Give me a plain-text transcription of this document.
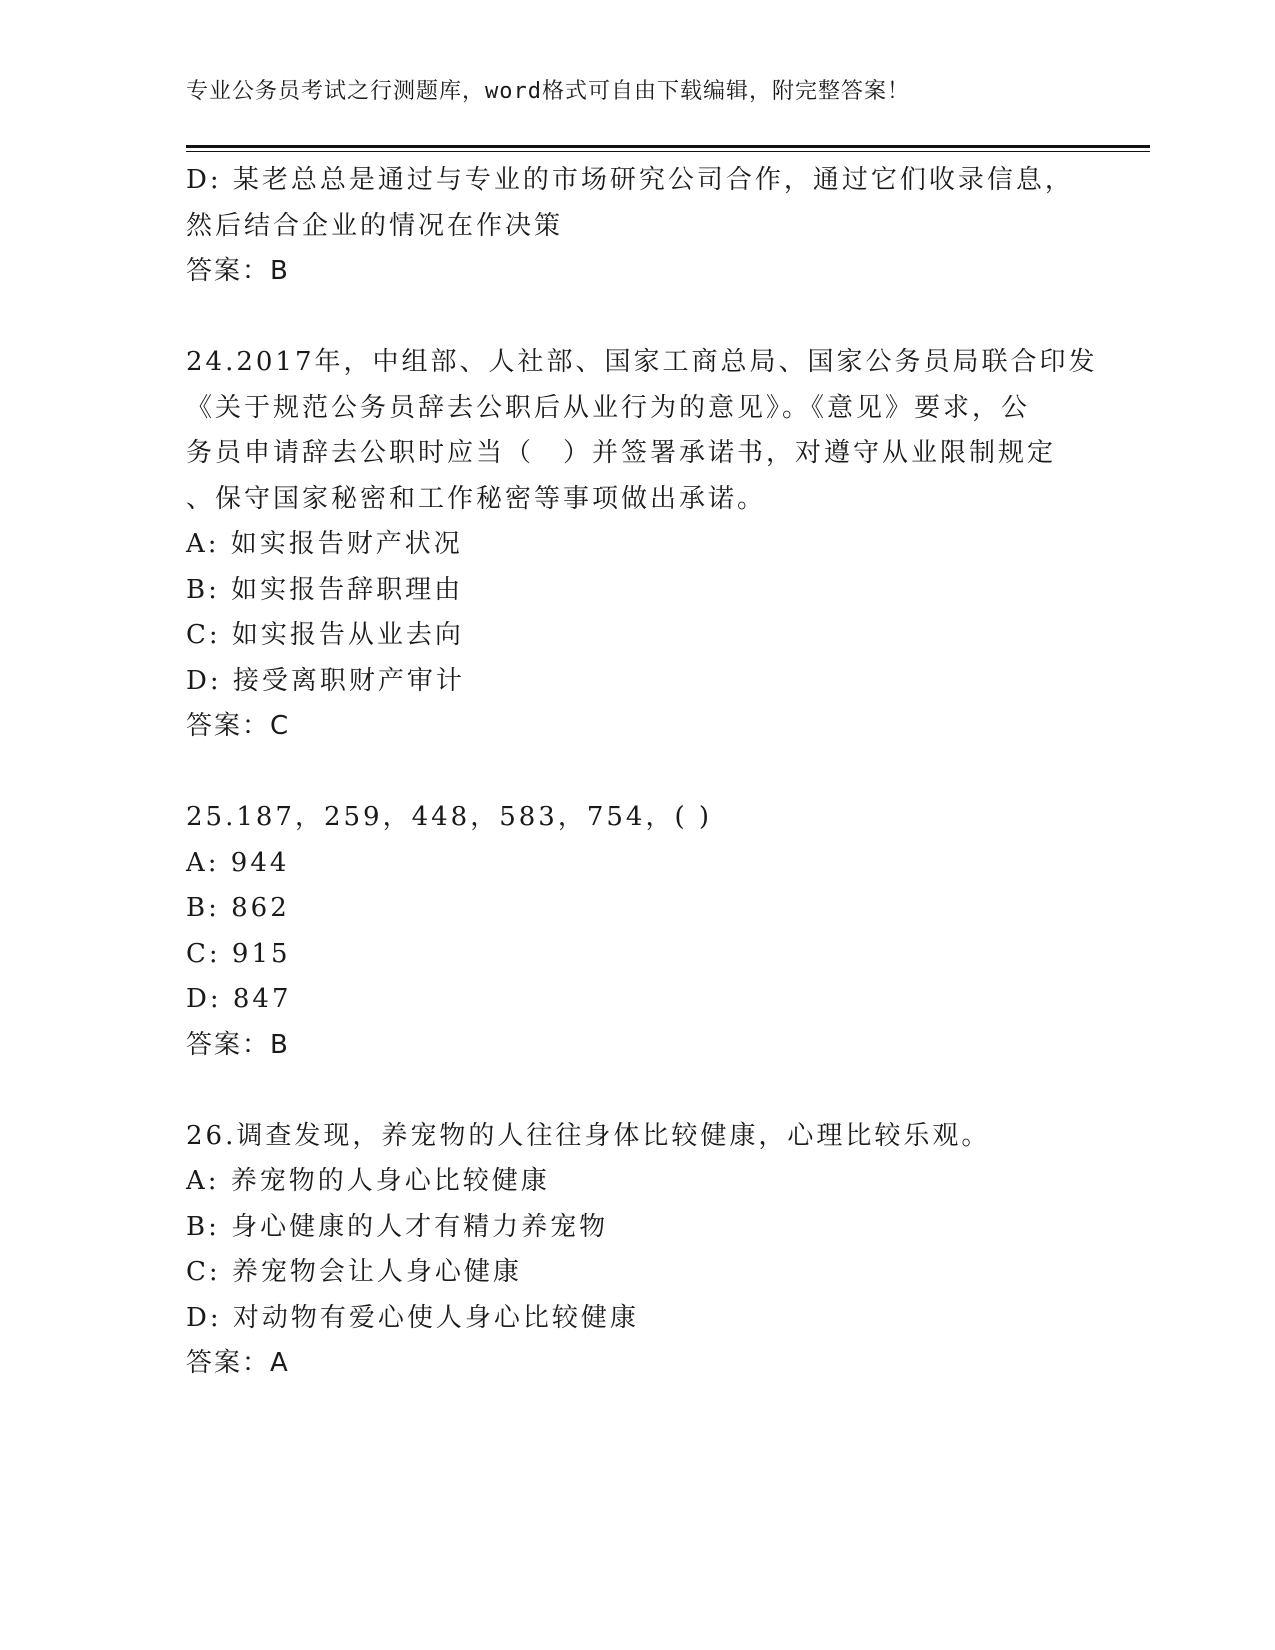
专业公务员考试之行测题库，word格式可自由下载编辑，附完整答案！
D: 某老总总是通过与专业的市场研究公司合作，通过它们收录信息，
然后结合企业的情况在作决策
答案：B
24.2017年，中组部、人社部、国家工商总局、国家公务员局联合印发
《关于规范公务员辞去公职后从业行为的意见》。《意见》要求，公
务员申请辞去公职时应当（　）并签署承诺书，对遵守从业限制规定
、保守国家秘密和工作秘密等事项做出承诺。
A: 如实报告财产状况
B: 如实报告辞职理由
C: 如实报告从业去向
D: 接受离职财产审计
答案：C
25.187，259，448，583，754，( )
A: 944
B: 862
C: 915
D: 847
答案：B
26.调查发现，养宠物的人往往身体比较健康，心理比较乐观。
A: 养宠物的人身心比较健康
B: 身心健康的人才有精力养宠物
C: 养宠物会让人身心健康
D: 对动物有爱心使人身心比较健康
答案：A
